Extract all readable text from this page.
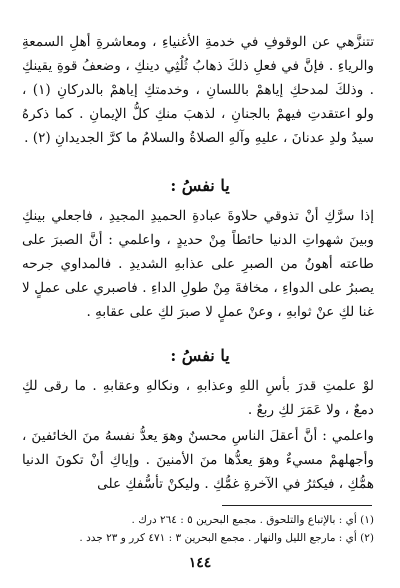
تتنزَّهي عن الوقوفِ في خدمةِ الأغنياءِ ، ومعاشرةِ أهلِ السمعةِ والرياءِ . فإنَّ في فعلِ ذلكَ ذهابُ ثُلُثِي دينكِ ، وضعفُ قوةِ يقينكِ . وذلكَ لمدحكِ إياهمْ باللسانِ ، وخدمتكِ إياهمْ بالدركانِ (١) ، ولو اعتقدتِ فيهمْ بالجنانِ ، لذهبَ منكِ كلُّ الإيمانِ . كما ذكرهُ سيدُ ولدِ عدنانَ ، عليهِ وآلهِ الصلاةُ والسلامُ ما كرَّ الجديدانِ (٢) .

يا نفسُ :

إذا سرَّكِ أنْ تذوقي حلاوةَ عبادةِ الحميدِ المجيدِ ، فاجعلي بينكِ وبينَ شهواتِ الدنيا حائطاً مِنْ حديدٍ ، واعلمي : أنَّ الصبرَ على طاعته أهونُ من الصبرِ على عذابهِ الشديدِ . فالمداوي جرحه يصبرُ على الدواءِ ، مخافةَ مِنْ طولِ الداءِ . فاصبري على عملٍ لا غنا لكِ عنْ ثوابهِ ، وعنْ عملٍ لا صبرَ لكِ على عقابهِ .

يا نفسُ :

لوْ علمتِ قدرَ بأسِ اللهِ وعذابهِ ، ونكالهِ وعقابهِ . ما رقى لكِ دمعٌ ، ولا عَمَرَ لكِ ربعٌ .

واعلمي : أنَّ أعقلَ الناسِ محسنٌ وهوَ يعدُّ نفسهُ منَ الخائفينَ ، وأجهلهمْ مسيءٌ وهوَ يعدُّها منَ الأمنينَ . وإياكِ أنْ تكونَ الدنيا همُّكِ ، فيكثرُ في الآخرةِ غمُّكِ . وليكنْ تأسُّفكِ على

(١) أي : بالإتباع والتلحوق . مجمع البحرين ٥ : ٢٦٤ درك .

(٢) أي : مارجع الليل والنهار . مجمع البحرين ٣ : ٤٧١ كرر و ٢٣ جدد .

١٤٤
